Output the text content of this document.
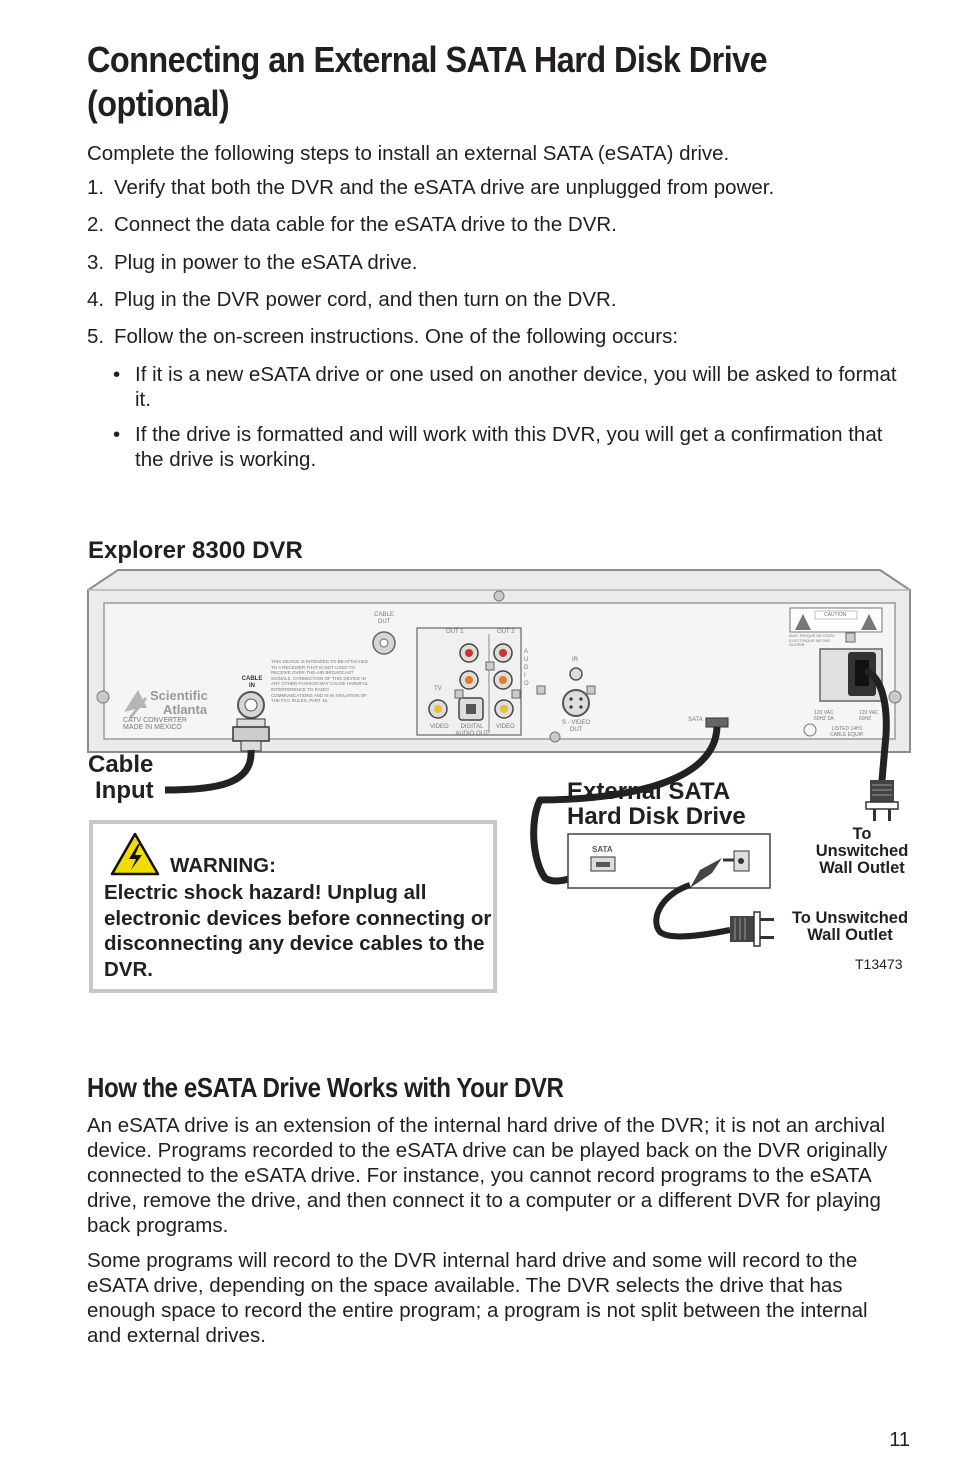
Connecting an External SATA Hard Disk Drive (optional)
Complete the following steps to install an external SATA (eSATA) drive.
1. Verify that both the DVR and the eSATA drive are unplugged from power.
2. Connect the data cable for the eSATA drive to the DVR.
3. Plug in power to the eSATA drive.
4. Plug in the DVR power cord, and then turn on the DVR.
5. Follow the on-screen instructions. One of the following occurs:
• If it is a new eSATA drive or one used on another device, you will be asked to format it.
• If the drive is formatted and will work with this DVR, you will get a confirmation that the drive is working.
Explorer 8300 DVR
Scientific
Atlanta
CATV CONVERTER
MADE IN MEXICO
CABLE IN
CABLE OUT
THIS DEVICE IS INTENDED TO BE ATTACHED TO A RECEIVER THAT IS NOT USED TO RECEIVE OVER-THE-AIR BROADCAST SIGNALS. CONNECTION OF THIS DEVICE IN ANY OTHER FASHION MAY CAUSE HARMFUL INTERFERENCE TO RADIO COMMUNICATIONS AND IS IN VIOLATION OF THE FCC RULES, PART 15.
OUT 1	OUT 2
AUDIO
TV
VIDEO	DIGITAL AUDIO OUT
VIDEO
IR
S - VIDEO OUT
SATA
CAUTION
AVIS: RISQUE DE CHOC ELECTRIQUE NE PAS OUVRIR
120 VAC 60HZ 5A
120 VAC 60HZ
LISTED 14H1 CABLE EQUIP.
SATA
Cable
Input	External SATA
Hard Disk Drive
To
Unswitched
Wall Outlet
To Unswitched
Wall Outlet
T13473
WARNING:
Electric shock hazard! Unplug all electronic devices before connecting or disconnecting any device cables to the DVR.
How the eSATA Drive Works with Your DVR
An eSATA drive is an extension of the internal hard drive of the DVR; it is not an archival device. Programs recorded to the eSATA drive can be played back on the DVR originally connected to the eSATA drive. For instance, you cannot record programs to the eSATA drive, remove the drive, and then connect it to a computer or a different DVR for playing back programs.
Some programs will record to the DVR internal hard drive and some will record to the eSATA drive, depending on the space available. The DVR selects the drive that has enough space to record the entire program; a program is not split between the internal and external drives.
11
